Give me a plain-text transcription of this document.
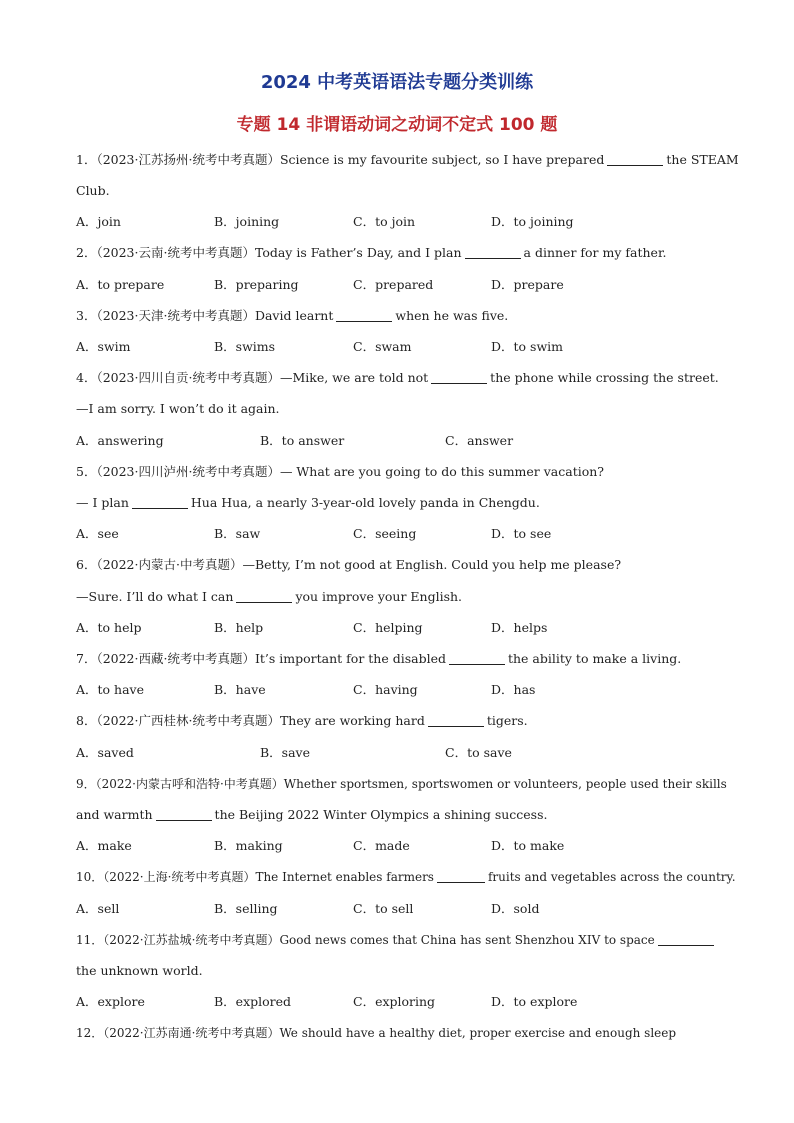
2024 中考英语语法专题分类训练
专题 14 非谓语动词之动词不定式 100 题
1．（2023·江苏扬州·统考中考真题）Science is my favourite subject, so I have prepared	the STEAM
Club.
A．join	B．joining	C．to join	D．to joining
2．（2023·云南·统考中考真题）Today is Father’s Day, and I plan	a dinner for my father.
A．to prepare	B．preparing	C．prepared	D．prepare
3．（2023·天津·统考中考真题）David learnt	when he was five.
A．swim	B．swims	C．swam	D．to swim
4．（2023·四川自贡·统考中考真题）—Mike, we are told not	the phone while crossing the street.
—I am sorry. I won’t do it again.
A．answering	B．to answer	C．answer
5．（2023·四川泸州·统考中考真题）— What are you going to do this summer vacation?
— I plan	Hua Hua, a nearly 3-year-old lovely panda in Chengdu.
A．see	B．saw	C．seeing	D．to see
6．（2022·内蒙古·中考真题）—Betty, I’m not good at English. Could you help me please?
—Sure. I’ll do what I can	you improve your English.
A．to help	B．help	C．helping	D．helps
7．（2022·西藏·统考中考真题）It’s important for the disabled	the ability to make a living.
A．to have	B．have	C．having	D．has
8．（2022·广西桂林·统考中考真题）They are working hard	tigers.
A．saved	B．save	C．to save
9．（2022·内蒙古呼和浩特·中考真题）Whether sportsmen, sportswomen or volunteers, people used their skills
and warmth	the Beijing 2022 Winter Olympics a shining success.
A．make	B．making	C．made	D．to make
10．（2022·上海·统考中考真题）The Internet enables farmers	fruits and vegetables across the country.
A．sell	B．selling	C．to sell	D．sold
11．（2022·江苏盐城·统考中考真题）Good news comes that China has sent Shenzhou XIV to space
the unknown world.
A．explore	B．explored	C．exploring	D．to explore
12．（2022·江苏南通·统考中考真题）We should have a healthy diet, proper exercise and enough sleep
